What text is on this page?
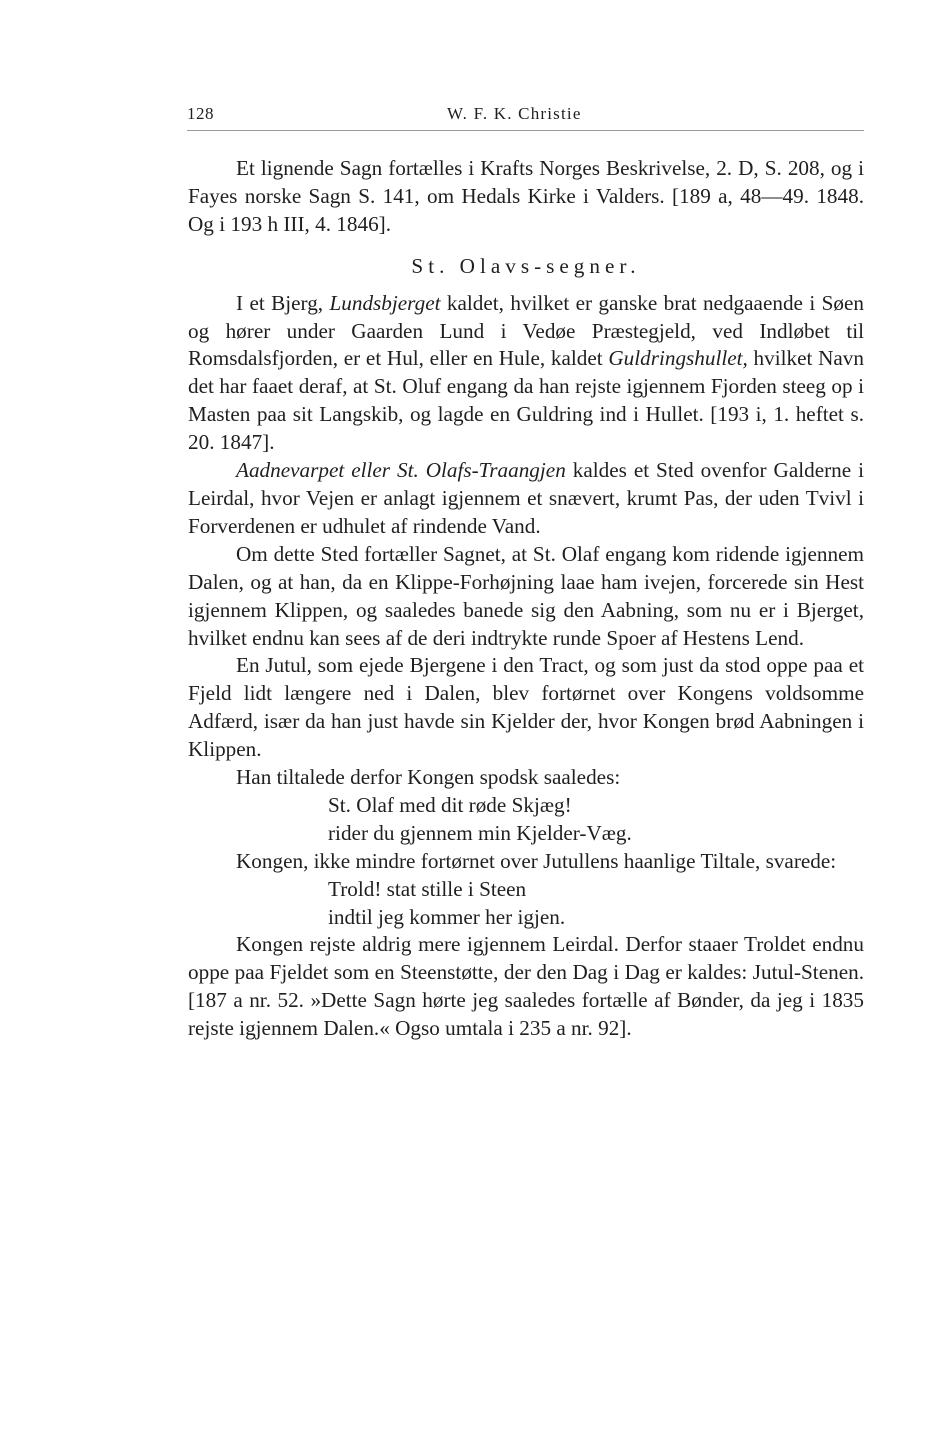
128	W. F. K. Christie

Et lignende Sagn fortælles i Krafts Norges Beskrivelse, 2. D, S. 208, og i Fayes norske Sagn S. 141, om Hedals Kirke i Valders. [189 a, 48—49. 1848. Og i 193 h III, 4. 1846].

St. Olavs-segner.

I et Bjerg, Lundsbjerget kaldet, hvilket er ganske brat nedgaaende i Søen og hører under Gaarden Lund i Vedøe Præstegjeld, ved Indløbet til Romsdalsfjorden, er et Hul, eller en Hule, kaldet Guldringshullet, hvilket Navn det har faaet deraf, at St. Oluf engang da han rejste igjennem Fjorden steeg op i Masten paa sit Langskib, og lagde en Guldring ind i Hullet. [193 i, 1. heftet s. 20. 1847].

Aadnevarpet eller St. Olafs-Traangjen kaldes et Sted ovenfor Galderne i Leirdal, hvor Vejen er anlagt igjennem et snævert, krumt Pas, der uden Tvivl i Forverdenen er udhulet af rindende Vand.

Om dette Sted fortæller Sagnet, at St. Olaf engang kom ridende igjennem Dalen, og at han, da en Klippe-Forhøjning laae ham ivejen, forcerede sin Hest igjennem Klippen, og saaledes banede sig den Aabning, som nu er i Bjerget, hvilket endnu kan sees af de deri indtrykte runde Spoer af Hestens Lend.

En Jutul, som ejede Bjergene i den Tract, og som just da stod oppe paa et Fjeld lidt længere ned i Dalen, blev fortørnet over Kongens voldsomme Adfærd, især da han just havde sin Kjelder der, hvor Kongen brød Aabningen i Klippen.

Han tiltalede derfor Kongen spodsk saaledes:

St. Olaf med dit røde Skjæg!

rider du gjennem min Kjelder-Væg.

Kongen, ikke mindre fortørnet over Jutullens haanlige Tiltale, svarede:

Trold! stat stille i Steen

indtil jeg kommer her igjen.

Kongen rejste aldrig mere igjennem Leirdal. Derfor staaer Troldet endnu oppe paa Fjeldet som en Steenstøtte, der den Dag i Dag er kaldes: Jutul-Stenen. [187 a nr. 52. »Dette Sagn hørte jeg saaledes fortælle af Bønder, da jeg i 1835 rejste igjennem Dalen.« Ogso umtala i 235 a nr. 92].
